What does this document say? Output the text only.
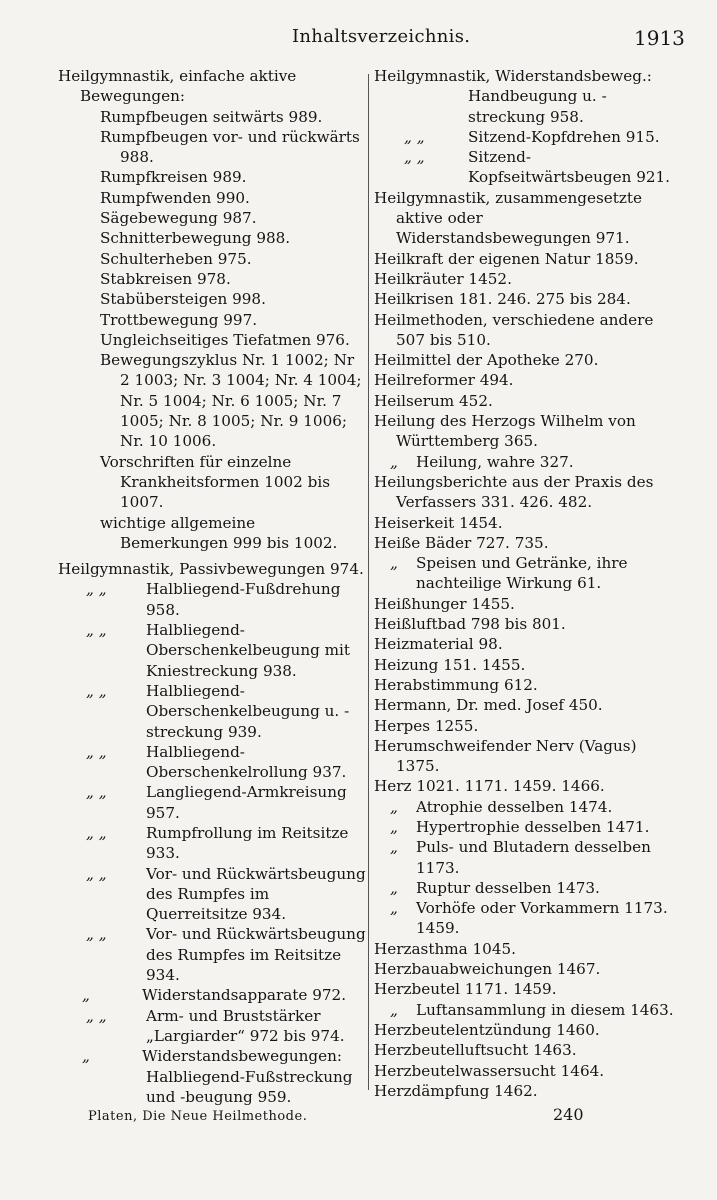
Inhaltsverzeichnis.	1913
Heilgymnastik, einfache aktive Bewegungen:
Rumpfbeugen seitwärts 989.
Rumpfbeugen vor- und rückwärts 988.
Rumpfkreisen 989.
Rumpfwenden 990.
Sägebewegung 987.
Schnitterbewegung 988.
Schulterheben 975.
Stabkreisen 978.
Stabübersteigen 998.
Trottbewegung 997.
Ungleichseitiges Tiefatmen 976.
Bewegungszyklus Nr. 1 1002; Nr 2 1003; Nr. 3 1004; Nr. 4 1004; Nr. 5 1004; Nr. 6 1005; Nr. 7 1005; Nr. 8 1005; Nr. 9 1006; Nr. 10 1006.
Vorschriften für einzelne Krankheitsformen 1002 bis 1007.
wichtige allgemeine Bemerkungen 999 bis 1002.
Heilgymnastik, Passivbewegungen 974.
„ „	Halbliegend-Fußdrehung 958.
„ „	Halbliegend-Oberschenkelbeugung mit Kniestreckung 938.
„ „	Halbliegend-Oberschenkelbeugung u. -streckung 939.
„ „	Halbliegend-Oberschenkelrollung 937.
„ „	Langliegend-Armkreisung 957.
„ „	Rumpfrollung im Reitsitze 933.
„ „	Vor- und Rückwärtsbeugung des Rumpfes im Querreitsitze 934.
„ „	Vor- und Rückwärtsbeugung des Rumpfes im Reitsitze 934.
„	Widerstandsapparate 972.
„ „	Arm- und Bruststärker „Largiarder“ 972 bis 974.
„	Widerstandsbewegungen:
Halbliegend-Fußstreckung und -beugung 959.
Heilgymnastik, Widerstandsbeweg.:
Handbeugung u. -streckung 958.
„ „	Sitzend-Kopfdrehen 915.
„ „	Sitzend-Kopfseitwärtsbeugen 921.
Heilgymnastik, zusammengesetzte aktive oder Widerstandsbewegungen 971.
Heilkraft der eigenen Natur 1859.
Heilkräuter 1452.
Heilkrisen 181. 246. 275 bis 284.
Heilmethoden, verschiedene andere 507 bis 510.
Heilmittel der Apotheke 270.
Heilreformer 494.
Heilserum 452.
Heilung des Herzogs Wilhelm von Württemberg 365.
„ Heilung, wahre 327.
Heilungsberichte aus der Praxis des Verfassers 331. 426. 482.
Heiserkeit 1454.
Heiße Bäder 727. 735.
„ Speisen und Getränke, ihre nachteilige Wirkung 61.
Heißhunger 1455.
Heißluftbad 798 bis 801.
Heizmaterial 98.
Heizung 151. 1455.
Herabstimmung 612.
Hermann, Dr. med. Josef 450.
Herpes 1255.
Herumschweifender Nerv (Vagus) 1375.
Herz 1021. 1171. 1459. 1466.
„ Atrophie desselben 1474.
„ Hypertrophie desselben 1471.
„ Puls- und Blutadern desselben 1173.
„ Ruptur desselben 1473.
„ Vorhöfe oder Vorkammern 1173. 1459.
Herzasthma 1045.
Herzbauabweichungen 1467.
Herzbeutel 1171. 1459.
„ Luftansammlung in diesem 1463.
Herzbeutelentzündung 1460.
Herzbeutelluftsucht 1463.
Herzbeutelwassersucht 1464.
Herzdämpfung 1462.
Platen, Die Neue Heilmethode.	240
